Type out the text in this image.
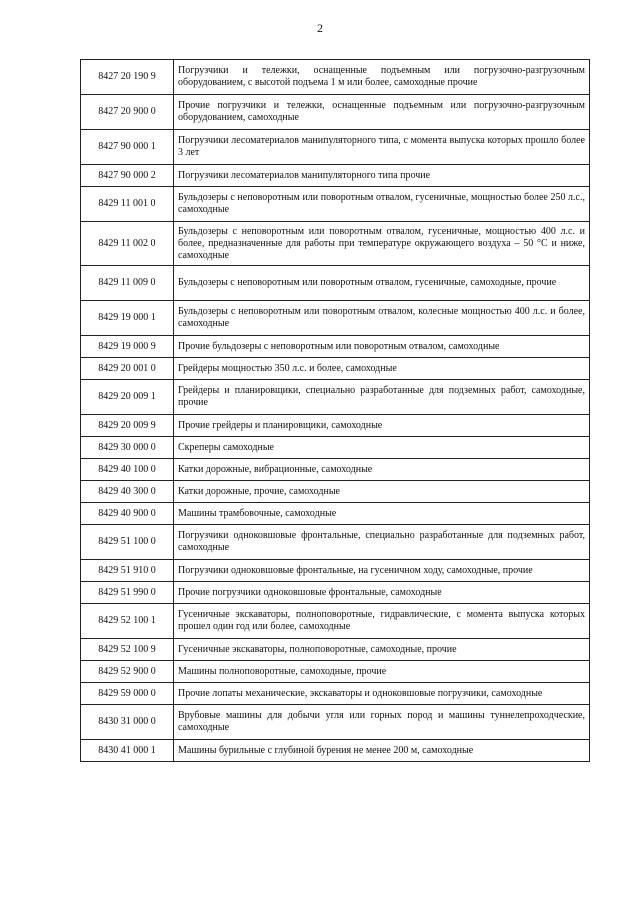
2
8427 20 190 9	Погрузчики и тележки, оснащенные подъемным или погрузочно-разгрузочным оборудованием, с высотой подъема 1 м или более, самоходные прочие
8427 20 900 0	Прочие погрузчики и тележки, оснащенные подъемным или погрузочно-разгрузочным оборудованием, самоходные
8427 90 000 1	Погрузчики лесоматериалов манипуляторного типа, с момента выпуска которых прошло более 3 лет
8427 90 000 2	Погрузчики лесоматериалов манипуляторного типа прочие
8429 11 001 0	Бульдозеры с неповоротным или поворотным отвалом, гусеничные, мощностью более 250 л.с., самоходные
8429 11 002 0	Бульдозеры с неповоротным или поворотным отвалом, гусеничные, мощностью 400 л.с. и более, предназначенные для работы при температуре окружающего воздуха – 50 °С и ниже, самоходные
8429 11 009 0	Бульдозеры с неповоротным или поворотным отвалом, гусеничные, самоходные, прочие
8429 19 000 1	Бульдозеры с неповоротным или поворотным отвалом, колесные мощностью 400 л.с. и более, самоходные
8429 19 000 9	Прочие бульдозеры с неповоротным или поворотным отвалом, самоходные
8429 20 001 0	Грейдеры мощностью 350 л.с. и более, самоходные
8429 20 009 1	Грейдеры и планировщики, специально разработанные для подземных работ, самоходные, прочие
8429 20 009 9	Прочие грейдеры и планировщики, самоходные
8429 30 000 0	Скреперы самоходные
8429 40 100 0	Катки дорожные, вибрационные, самоходные
8429 40 300 0	Катки дорожные, прочие, самоходные
8429 40 900 0	Машины трамбовочные, самоходные
8429 51 100 0	Погрузчики одноковшовые фронтальные, специально разработанные для подземных работ, самоходные
8429 51 910 0	Погрузчики одноковшовые фронтальные, на гусеничном ходу, самоходные, прочие
8429 51 990 0	Прочие погрузчики одноковшовые фронтальные, самоходные
8429 52 100 1	Гусеничные экскаваторы, полноповоротные, гидравлические, с момента выпуска которых прошел один год или более, самоходные
8429 52 100 9	Гусеничные экскаваторы, полноповоротные, самоходные, прочие
8429 52 900 0	Машины полноповоротные, самоходные, прочие
8429 59 000 0	Прочие лопаты механические, экскаваторы и одноковшовые погрузчики, самоходные
8430 31 000 0	Врубовые машины для добычи угля или горных пород и машины туннелепроходческие, самоходные
8430 41 000 1	Машины бурильные с глубиной бурения не менее 200 м, самоходные
